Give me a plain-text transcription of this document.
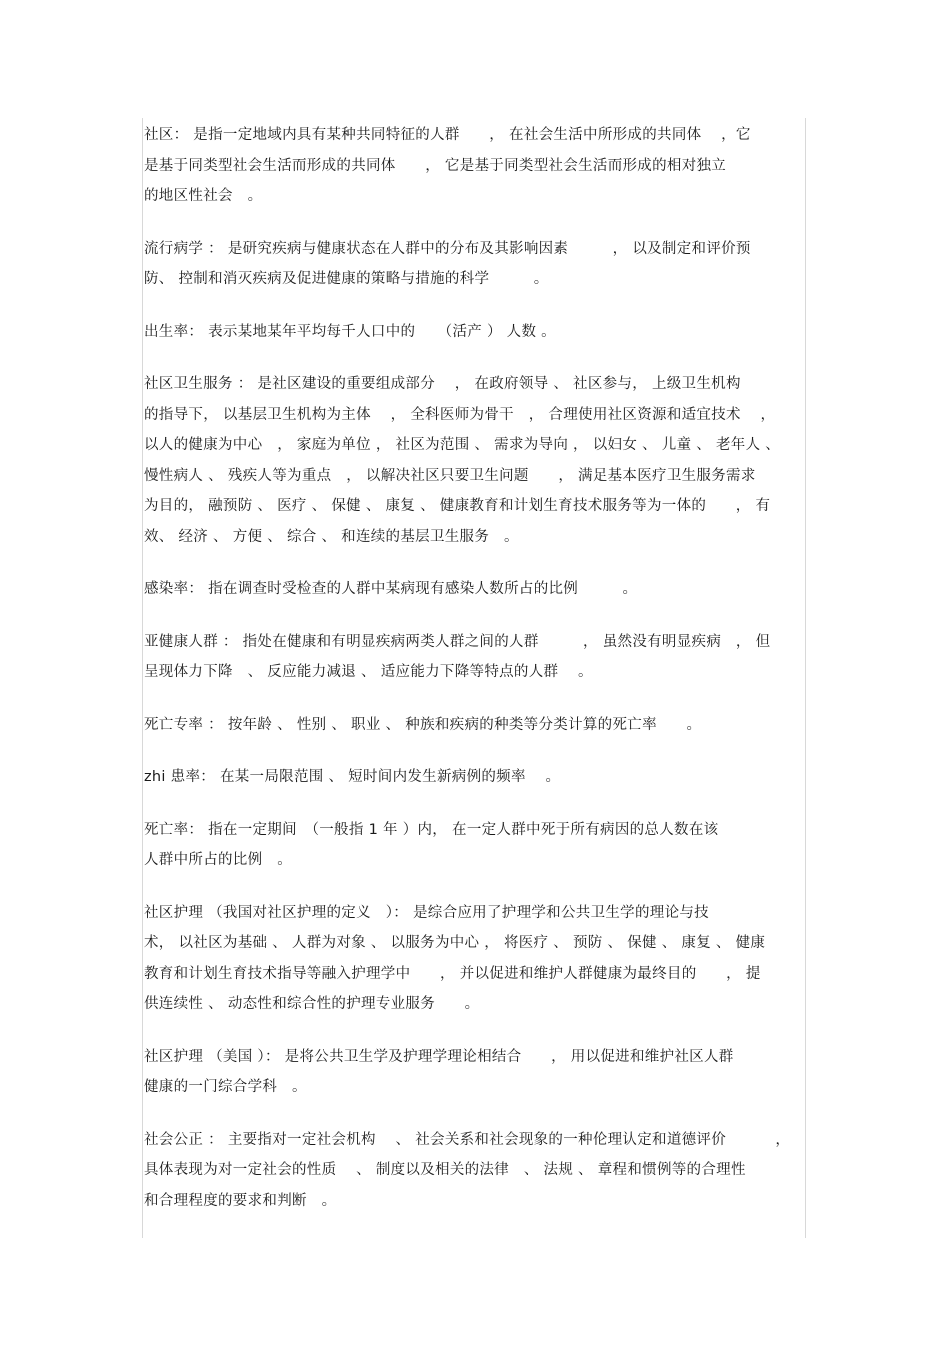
社区： 是指一定地域内具有某种共同特征的人群　　， 在社会生活中所形成的共同体　 ，它
是基于同类型社会生活而形成的共同体　　， 它是基于同类型社会生活而形成的相对独立
的地区性社会　。

流行病学 ： 是研究疾病与健康状态在人群中的分布及其影响因素　　　， 以及制定和评价预
防、 控制和消灭疾病及促进健康的策略与措施的科学　　　。

出生率： 表示某地某年平均每千人口中的　　（活产 ） 人数 。

社区卫生服务 ： 是社区建设的重要组成部分　 ， 在政府领导 、 社区参与， 上级卫生机构
的指导下， 以基层卫生机构为主体　 ， 全科医师为骨干　， 合理使用社区资源和适宜技术　 ，
以人的健康为中心　， 家庭为单位 ， 社区为范围 、 需求为导向 ， 以妇女 、 儿童 、 老年人 、
慢性病人 、 残疾人等为重点　， 以解决社区只要卫生问题　　， 满足基本医疗卫生服务需求
为目的， 融预防 、 医疗 、 保健 、 康复 、 健康教育和计划生育技术服务等为一体的　　， 有
效、 经济 、 方便 、 综合 、 和连续的基层卫生服务　。

感染率： 指在调查时受检查的人群中某病现有感染人数所占的比例　　　。

亚健康人群 ： 指处在健康和有明显疾病两类人群之间的人群　　　， 虽然没有明显疾病　， 但
呈现体力下降　、 反应能力减退 、 适应能力下降等特点的人群　 。

死亡专率 ： 按年龄 、 性别 、 职业 、 种族和疾病的种类等分类计算的死亡率　　。

zhi 患率： 在某一局限范围 、 短时间内发生新病例的频率　 。

死亡率： 指在一定期间　（一般指 1 年 ）内， 在一定人群中死于所有病因的总人数在该
人群中所占的比例　。

社区护理 （我国对社区护理的定义　）： 是综合应用了护理学和公共卫生学的理论与技
术， 以社区为基础 、 人群为对象 、 以服务为中心 ， 将医疗 、 预防 、 保健 、 康复 、 健康
教育和计划生育技术指导等融入护理学中　　， 并以促进和维护人群健康为最终目的　　， 提
供连续性 、 动态性和综合性的护理专业服务　　。

社区护理 （美国 ）： 是将公共卫生学及护理学理论相结合　　， 用以促进和维护社区人群
健康的一门综合学科　。

社会公正 ： 主要指对一定社会机构　 、 社会关系和社会现象的一种伦理认定和道德评价　　　 ，
具体表现为对一定社会的性质　 、 制度以及相关的法律　、 法规 、 章程和惯例等的合理性
和合理程度的要求和判断　。
